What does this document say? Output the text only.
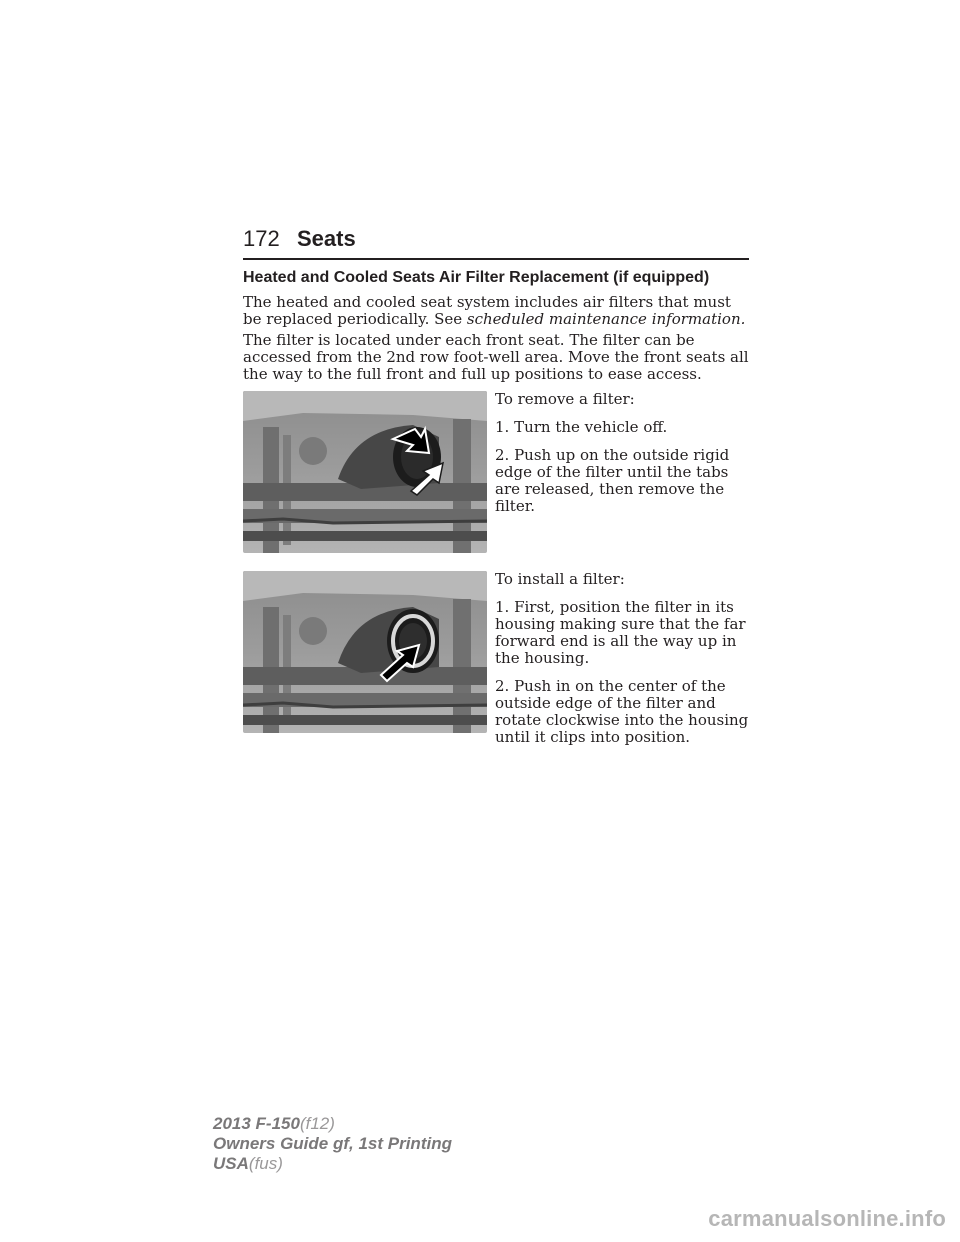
172 Seats
Heated and Cooled Seats Air Filter Replacement (if equipped)
The heated and cooled seat system includes air filters that must be replaced periodically. See scheduled maintenance information.
The filter is located under each front seat. The filter can be accessed from the 2nd row foot-well area. Move the front seats all the way to the full front and full up positions to ease access.
To remove a filter:
1. Turn the vehicle off.
2. Push up on the outside rigid edge of the filter until the tabs are released, then remove the filter.
To install a filter:
1. First, position the filter in its housing making sure that the far forward end is all the way up in the housing.
2. Push in on the center of the outside edge of the filter and rotate clockwise into the housing until it clips into position.
2013 F-150(f12)
Owners Guide gf, 1st Printing
USA(fus)
carmanualsonline.info
